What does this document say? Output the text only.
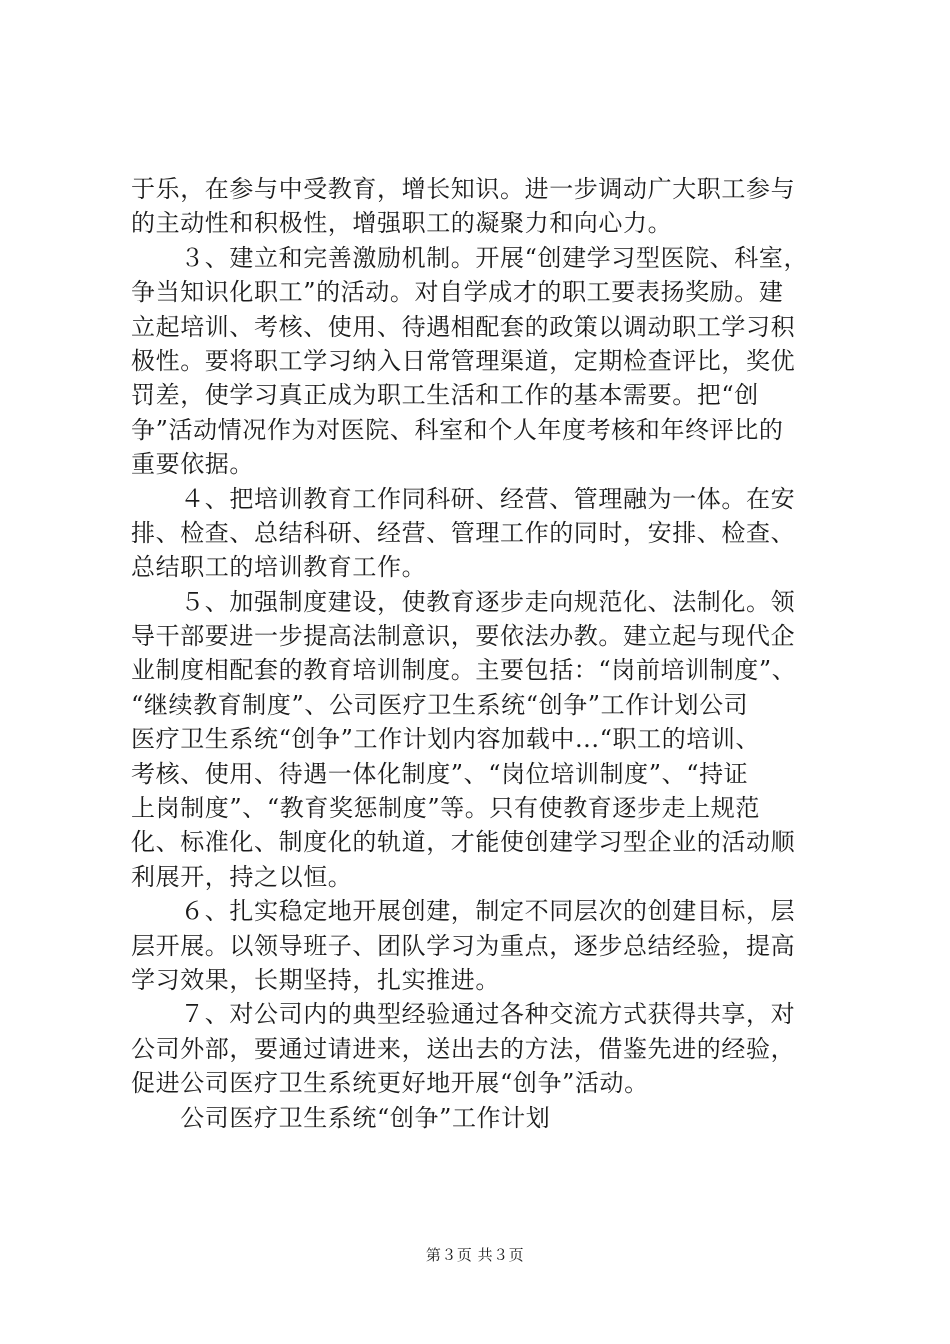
于乐，在参与中受教育，增长知识。进一步调动广大职工参与
的主动性和积极性，增强职工的凝聚力和向心力。
　　３、建立和完善激励机制。开展“创建学习型医院、科室，
争当知识化职工”的活动。对自学成才的职工要表扬奖励。建
立起培训、考核、使用、待遇相配套的政策以调动职工学习积
极性。要将职工学习纳入日常管理渠道，定期检查评比，奖优
罚差，使学习真正成为职工生活和工作的基本需要。把“创
争”活动情况作为对医院、科室和个人年度考核和年终评比的
重要依据。
　　４、把培训教育工作同科研、经营、管理融为一体。在安
排、检查、总结科研、经营、管理工作的同时，安排、检查、
总结职工的培训教育工作。
　　５、加强制度建设，使教育逐步走向规范化、法制化。领
导干部要进一步提高法制意识，要依法办教。建立起与现代企
业制度相配套的教育培训制度。主要包括：“岗前培训制度”、
“继续教育制度”、公司医疗卫生系统“创争”工作计划公司
医疗卫生系统“创争”工作计划内容加载中...“职工的培训、
考核、使用、待遇一体化制度”、“岗位培训制度”、“持证
上岗制度”、“教育奖惩制度”等。只有使教育逐步走上规范
化、标准化、制度化的轨道，才能使创建学习型企业的活动顺
利展开，持之以恒。
　　６、扎实稳定地开展创建，制定不同层次的创建目标，层
层开展。以领导班子、团队学习为重点，逐步总结经验，提高
学习效果，长期坚持，扎实推进。
　　７、对公司内的典型经验通过各种交流方式获得共享，对
公司外部，要通过请进来，送出去的方法，借鉴先进的经验，
促进公司医疗卫生系统更好地开展“创争”活动。
　　公司医疗卫生系统“创争”工作计划
第３页 共３页
